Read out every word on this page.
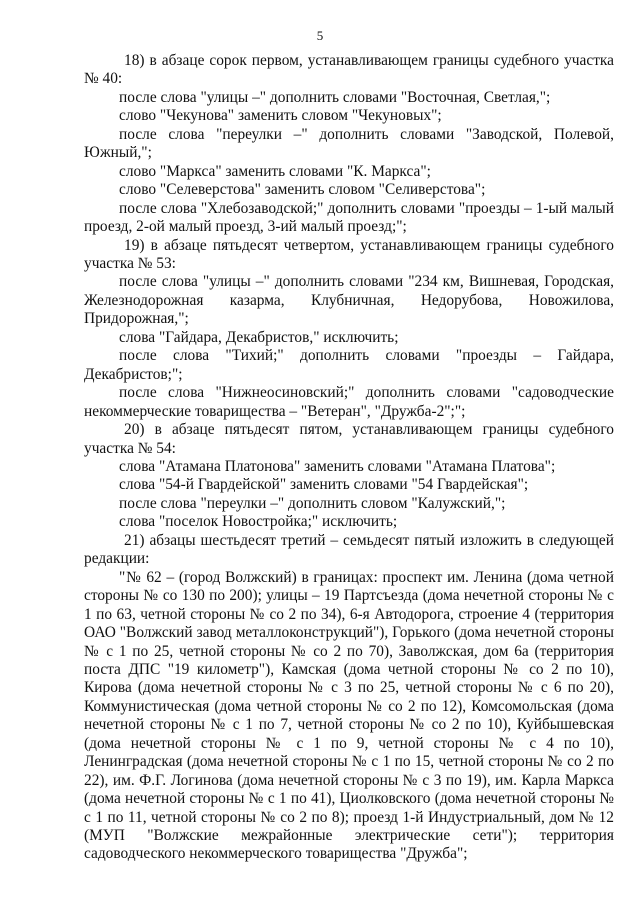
5

18) в абзаце сорок первом, устанавливающем границы судебного участка № 40:

после слова "улицы –" дополнить словами "Восточная, Светлая,";

слово "Чекунова" заменить словом "Чекуновых";

после слова "переулки –" дополнить словами "Заводской, Полевой, Южный,";

слово "Маркса" заменить словами "К. Маркса";

слово "Селеверстова" заменить словом "Селиверстова";

после слова "Хлебозаводской;" дополнить словами "проезды – 1-ый малый проезд, 2-ой малый проезд, 3-ий малый проезд;";

19) в абзаце пятьдесят четвертом, устанавливающем границы судебного участка № 53:

после слова "улицы –" дополнить словами "234 км, Вишневая, Городская, Железнодорожная казарма, Клубничная, Недорубова, Новожилова, Придорожная,";

слова "Гайдара, Декабристов," исключить;

после слова "Тихий;" дополнить словами "проезды – Гайдара, Декабристов;";

после слова "Нижнеосиновский;" дополнить словами "садоводческие некоммерческие товарищества – "Ветеран", "Дружба-2";";

20) в абзаце пятьдесят пятом, устанавливающем границы судебного участка № 54:

слова "Атамана Платонова" заменить словами "Атамана Платова";

слова "54-й Гвардейской" заменить словами "54 Гвардейская";

после слова "переулки –" дополнить словом "Калужский,";

слова "поселок Новостройка;" исключить;

21) абзацы шестьдесят третий – семьдесят пятый изложить в следующей редакции:

"№ 62 – (город Волжский) в границах: проспект им. Ленина (дома четной стороны № со 130 по 200); улицы – 19 Партсъезда (дома нечетной стороны № с 1 по 63, четной стороны № со 2 по 34), 6-я Автодорога, строение 4 (территория ОАО "Волжский завод металлоконструкций"), Горького (дома нечетной стороны № с 1 по 25, четной стороны № со 2 по 70), Заволжская, дом 6а (территория поста ДПС "19 километр"), Камская (дома четной стороны № со 2 по 10), Кирова (дома нечетной стороны № с 3 по 25, четной стороны № с 6 по 20), Коммунистическая (дома четной стороны № со 2 по 12), Комсомольская (дома нечетной стороны № с 1 по 7, четной стороны № со 2 по 10), Куйбышевская (дома нечетной стороны № с 1 по 9, четной стороны № с 4 по 10), Ленинградская (дома нечетной стороны № с 1 по 15, четной стороны № со 2 по 22), им. Ф.Г. Логинова (дома нечетной стороны № с 3 по 19), им. Карла Маркса (дома нечетной стороны № с 1 по 41), Циолковского (дома нечетной стороны № с 1 по 11, четной стороны № со 2 по 8); проезд 1-й Индустриальный, дом № 12 (МУП "Волжские межрайонные электрические сети"); территория садоводческого некоммерческого товарищества "Дружба";
